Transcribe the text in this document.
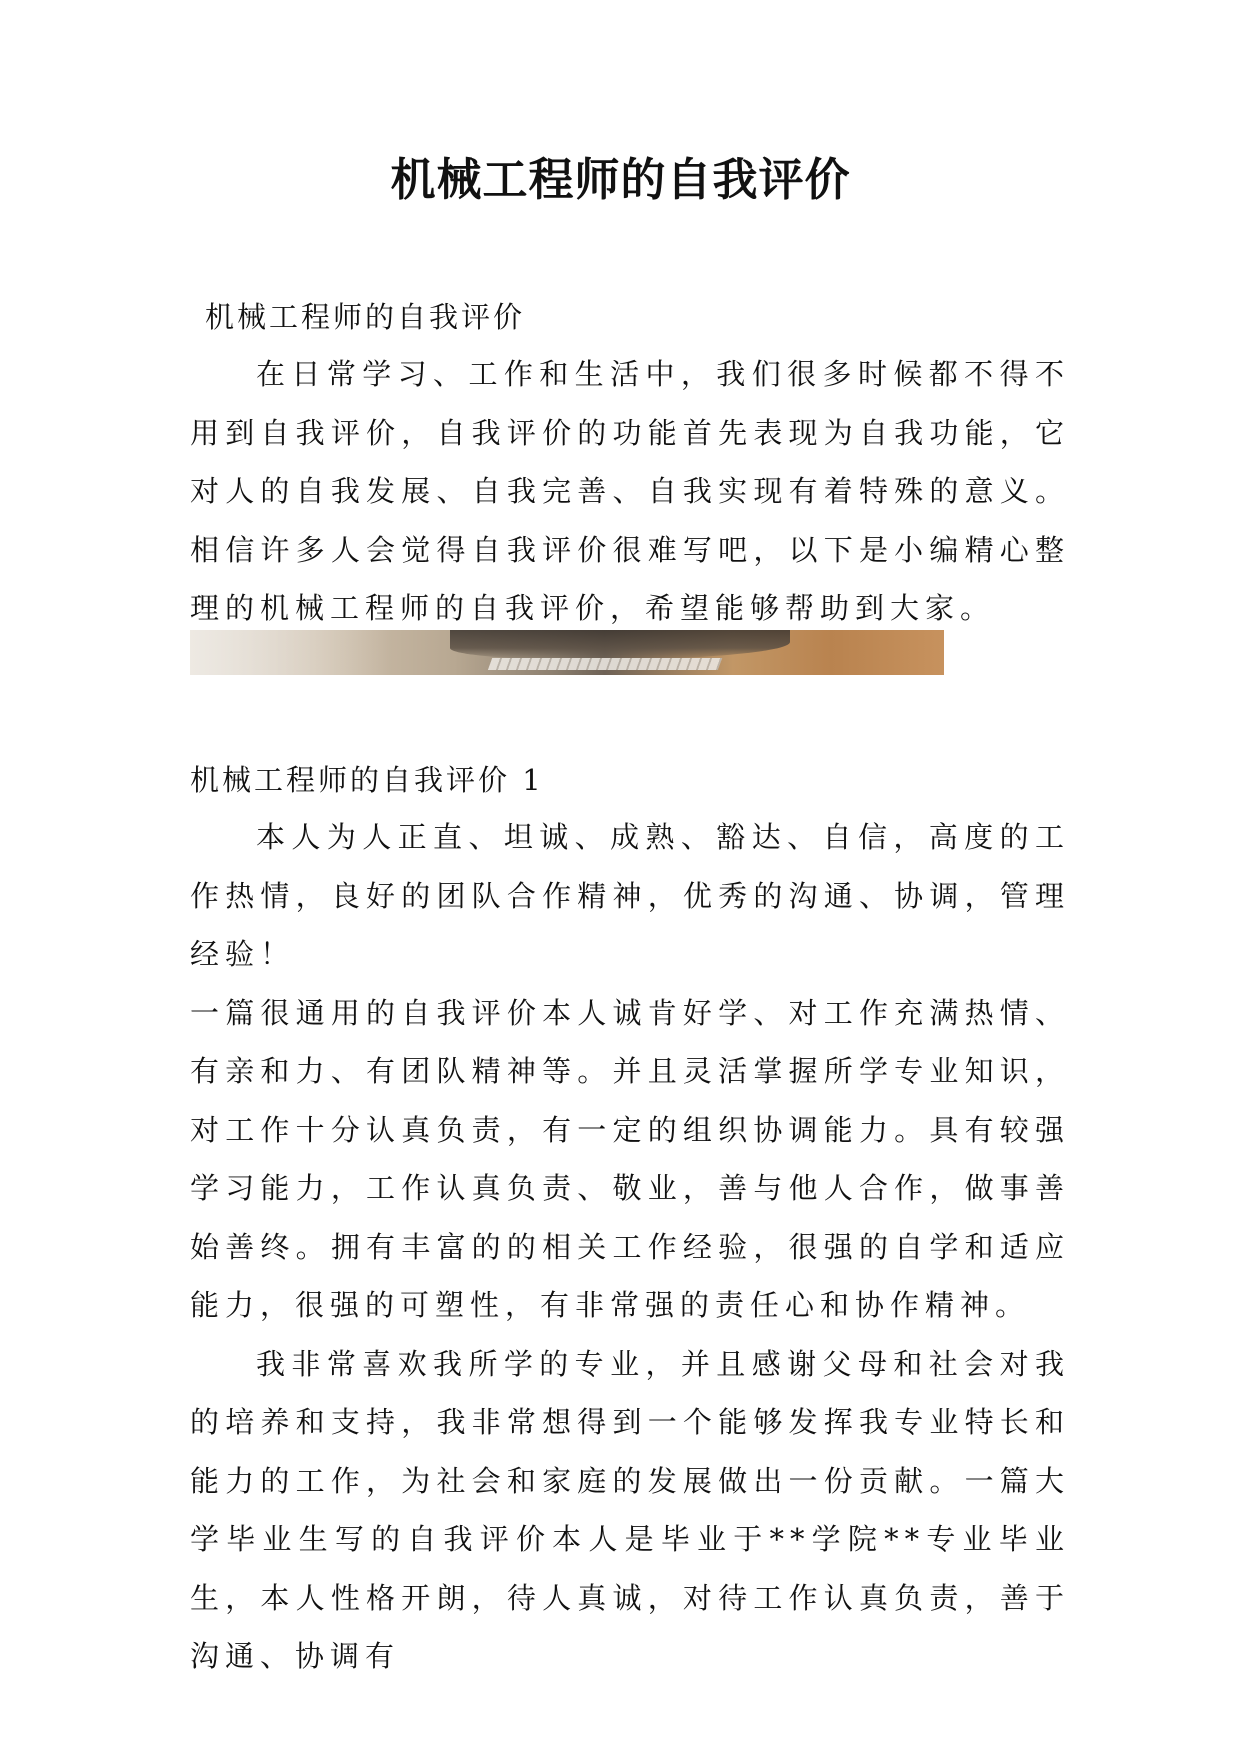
机械工程师的自我评价
机械工程师的自我评价

在日常学习、工作和生活中，我们很多时候都不得不用到自我评价，自我评价的功能首先表现为自我功能，它对人的自我发展、自我完善、自我实现有着特殊的意义。相信许多人会觉得自我评价很难写吧，以下是小编精心整理的机械工程师的自我评价，希望能够帮助到大家。

机械工程师的自我评价 1

本人为人正直、坦诚、成熟、豁达、自信，高度的工作热情，良好的团队合作精神，优秀的沟通、协调，管理经验！

一篇很通用的自我评价本人诚肯好学、对工作充满热情、有亲和力、有团队精神等。并且灵活掌握所学专业知识，对工作十分认真负责，有一定的组织协调能力。具有较强学习能力，工作认真负责、敬业，善与他人合作，做事善始善终。拥有丰富的的相关工作经验，很强的自学和适应能力，很强的可塑性，有非常强的责任心和协作精神。

我非常喜欢我所学的专业，并且感谢父母和社会对我的培养和支持，我非常想得到一个能够发挥我专业特长和能力的工作，为社会和家庭的发展做出一份贡献。一篇大学毕业生写的自我评价本人是毕业于**学院**专业毕业生，本人性格开朗，待人真诚，对待工作认真负责，善于沟通、协调有
